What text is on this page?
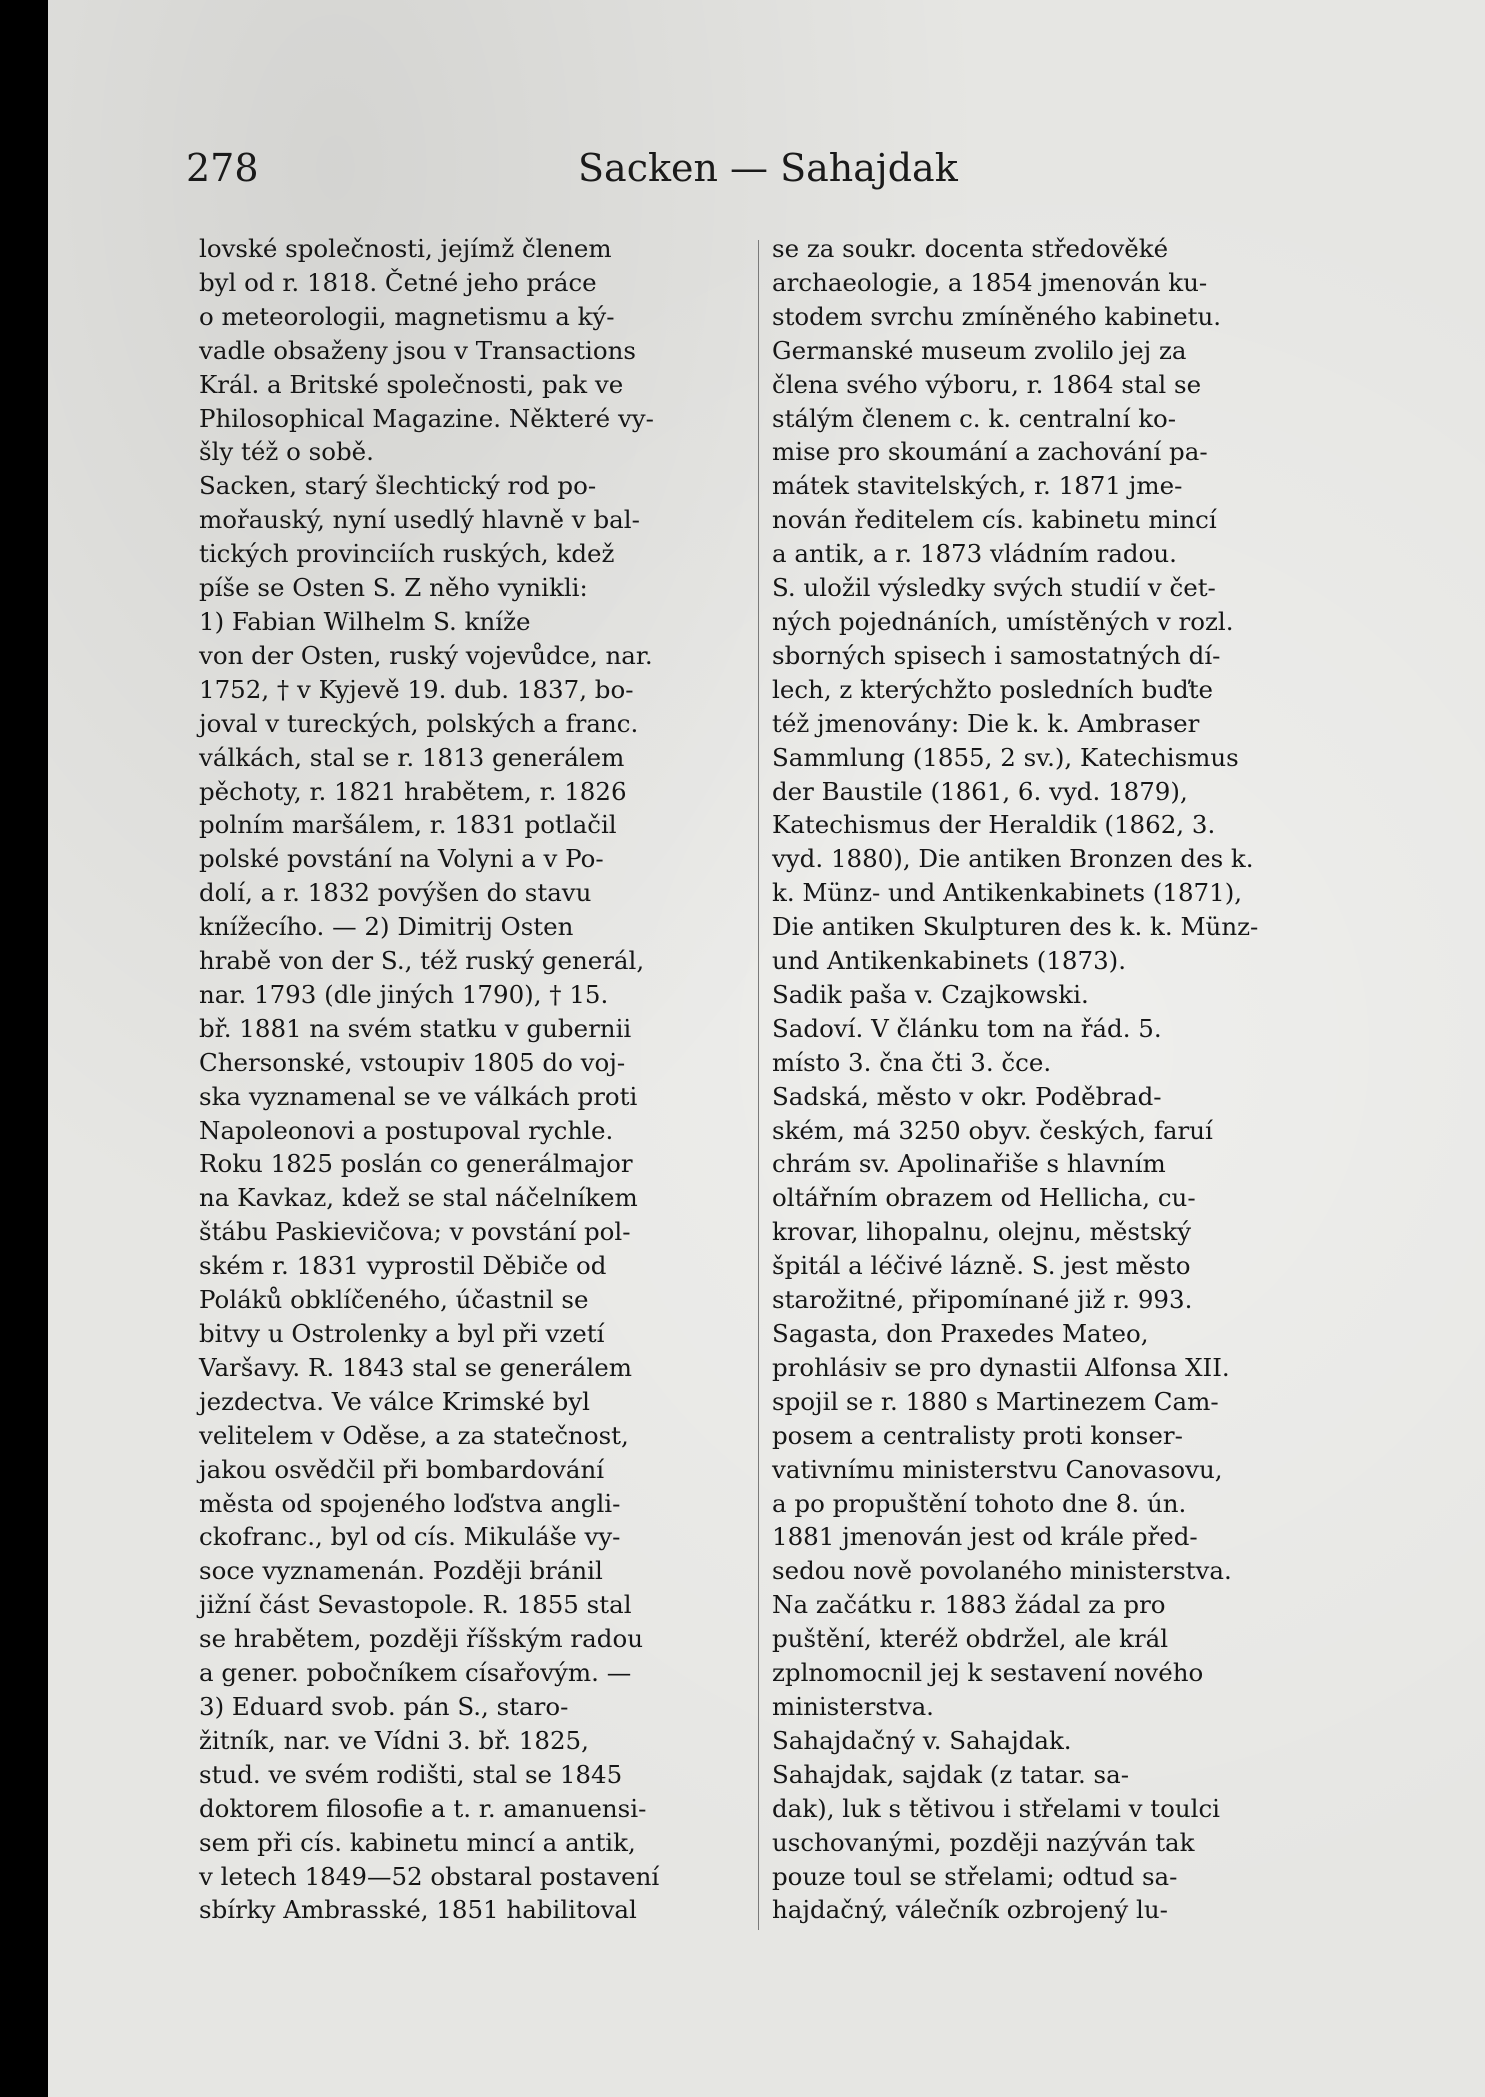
278	Sacken — Sahajdak
lovské společnosti, jejímž členem
byl od r. 1818. Četné jeho práce
o meteorologii, magnetismu a ký-
vadle obsaženy jsou v Transactions
Král. a Britské společnosti, pak ve
Philosophical Magazine. Některé vy-
šly též o sobě.
Sacken, starý šlechtický rod po-
mořauský, nyní usedlý hlavně v bal-
tických provinciích ruských, kdež
píše se Osten S. Z něho vynikli:
1) Fabian Wilhelm S. kníže
von der Osten, ruský vojevůdce, nar.
1752, † v Kyjevě 19. dub. 1837, bo-
joval v tureckých, polských a franc.
válkách, stal se r. 1813 generálem
pěchoty, r. 1821 hrabětem, r. 1826
polním maršálem, r. 1831 potlačil
polské povstání na Volyni a v Po-
dolí, a r. 1832 povýšen do stavu
knížecího. — 2) Dimitrij Osten
hrabě von der S., též ruský generál,
nar. 1793 (dle jiných 1790), † 15.
bř. 1881 na svém statku v gubernii
Chersonské, vstoupiv 1805 do voj-
ska vyznamenal se ve válkách proti
Napoleonovi a postupoval rychle.
Roku 1825 poslán co generálmajor
na Kavkaz, kdež se stal náčelníkem
štábu Paskievičova; v povstání pol-
ském r. 1831 vyprostil Děbiče od
Poláků obklíčeného, účastnil se
bitvy u Ostrolenky a byl při vzetí
Varšavy. R. 1843 stal se generálem
jezdectva. Ve válce Krimské byl
velitelem v Oděse, a za statečnost,
jakou osvědčil při bombardování
města od spojeného loďstva angli-
ckofranc., byl od cís. Mikuláše vy-
soce vyznamenán. Později bránil
jižní část Sevastopole. R. 1855 stal
se hrabětem, později říšským radou
a gener. pobočníkem císařovým. —
3) Eduard svob. pán S., staro-
žitník, nar. ve Vídni 3. bř. 1825,
stud. ve svém rodišti, stal se 1845
doktorem filosofie a t. r. amanuensi-
sem při cís. kabinetu mincí a antik,
v letech 1849—52 obstaral postavení
sbírky Ambrasské, 1851 habilitoval
se za soukr. docenta středověké
archaeologie, a 1854 jmenován ku-
stodem svrchu zmíněného kabinetu.
Germanské museum zvolilo jej za
člena svého výboru, r. 1864 stal se
stálým členem c. k. centralní ko-
mise pro skoumání a zachování pa-
mátek stavitelských, r. 1871 jme-
nován ředitelem cís. kabinetu mincí
a antik, a r. 1873 vládním radou.
S. uložil výsledky svých studií v čet-
ných pojednáních, umístěných v rozl.
sborných spisech i samostatných dí-
lech, z kterýchžto posledních buďte
též jmenovány: Die k. k. Ambraser
Sammlung (1855, 2 sv.), Katechismus
der Baustile (1861, 6. vyd. 1879),
Katechismus der Heraldik (1862, 3.
vyd. 1880), Die antiken Bronzen des k.
k. Münz- und Antikenkabinets (1871),
Die antiken Skulpturen des k. k. Münz-
und Antikenkabinets (1873).
Sadik paša v. Czajkowski.
Sadoví. V článku tom na řád. 5.
místo 3. čna čti 3. čce.
Sadská, město v okr. Poděbrad-
ském, má 3250 obyv. českých, faruí
chrám sv. Apolinařiše s hlavním
oltářním obrazem od Hellicha, cu-
krovar, lihopalnu, olejnu, městský
špitál a léčivé lázně. S. jest město
starožitné, připomínané již r. 993.
Sagasta, don Praxedes Mateo,
prohlásiv se pro dynastii Alfonsa XII.
spojil se r. 1880 s Martinezem Cam-
posem a centralisty proti konser-
vativnímu ministerstvu Canovasovu,
a po propuštění tohoto dne 8. ún.
1881 jmenován jest od krále před-
sedou nově povolaného ministerstva.
Na začátku r. 1883 žádal za pro
puštění, kteréž obdržel, ale král
zplnomocnil jej k sestavení nového
ministerstva.
Sahajdačný v. Sahajdak.
Sahajdak, sajdak (z tatar. sa-
dak), luk s tětivou i střelami v toulci
uschovanými, později nazýván tak
pouze toul se střelami; odtud sa-
hajdačný, válečník ozbrojený lu-
